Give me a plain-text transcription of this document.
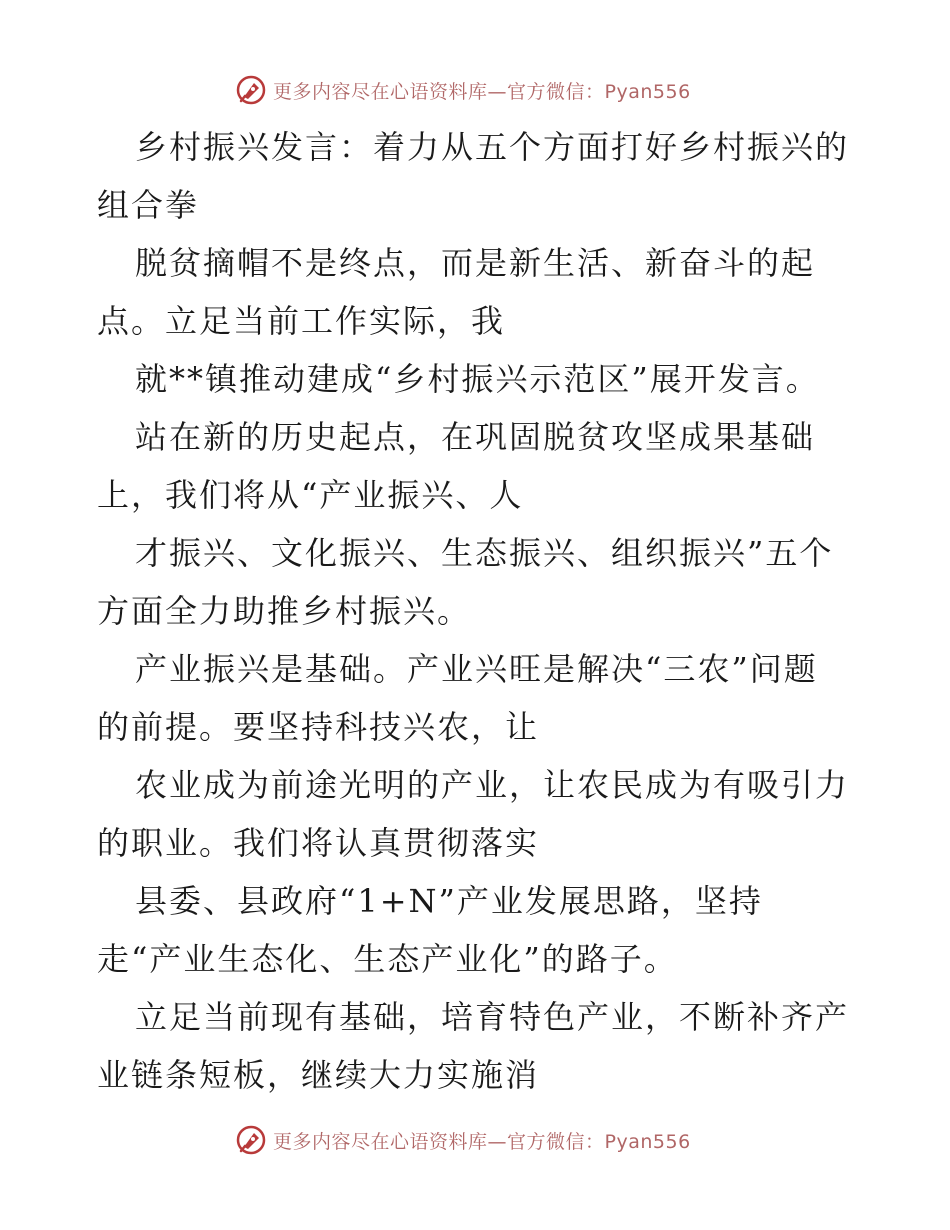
更多内容尽在心语资料库—官方微信：Pyan556
乡村振兴发言：着力从五个方面打好乡村振兴的
组合拳
脱贫摘帽不是终点，而是新生活、新奋斗的起
点。立足当前工作实际，我
就**镇推动建成“乡村振兴示范区”展开发言。
站在新的历史起点，在巩固脱贫攻坚成果基础
上，我们将从“产业振兴、人
才振兴、文化振兴、生态振兴、组织振兴”五个
方面全力助推乡村振兴。
产业振兴是基础。产业兴旺是解决“三农”问题
的前提。要坚持科技兴农，让
农业成为前途光明的产业，让农民成为有吸引力
的职业。我们将认真贯彻落实
县委、县政府“1+N”产业发展思路，坚持
走“产业生态化、生态产业化”的路子。
立足当前现有基础，培育特色产业，不断补齐产
业链条短板，继续大力实施消
更多内容尽在心语资料库—官方微信：Pyan556
